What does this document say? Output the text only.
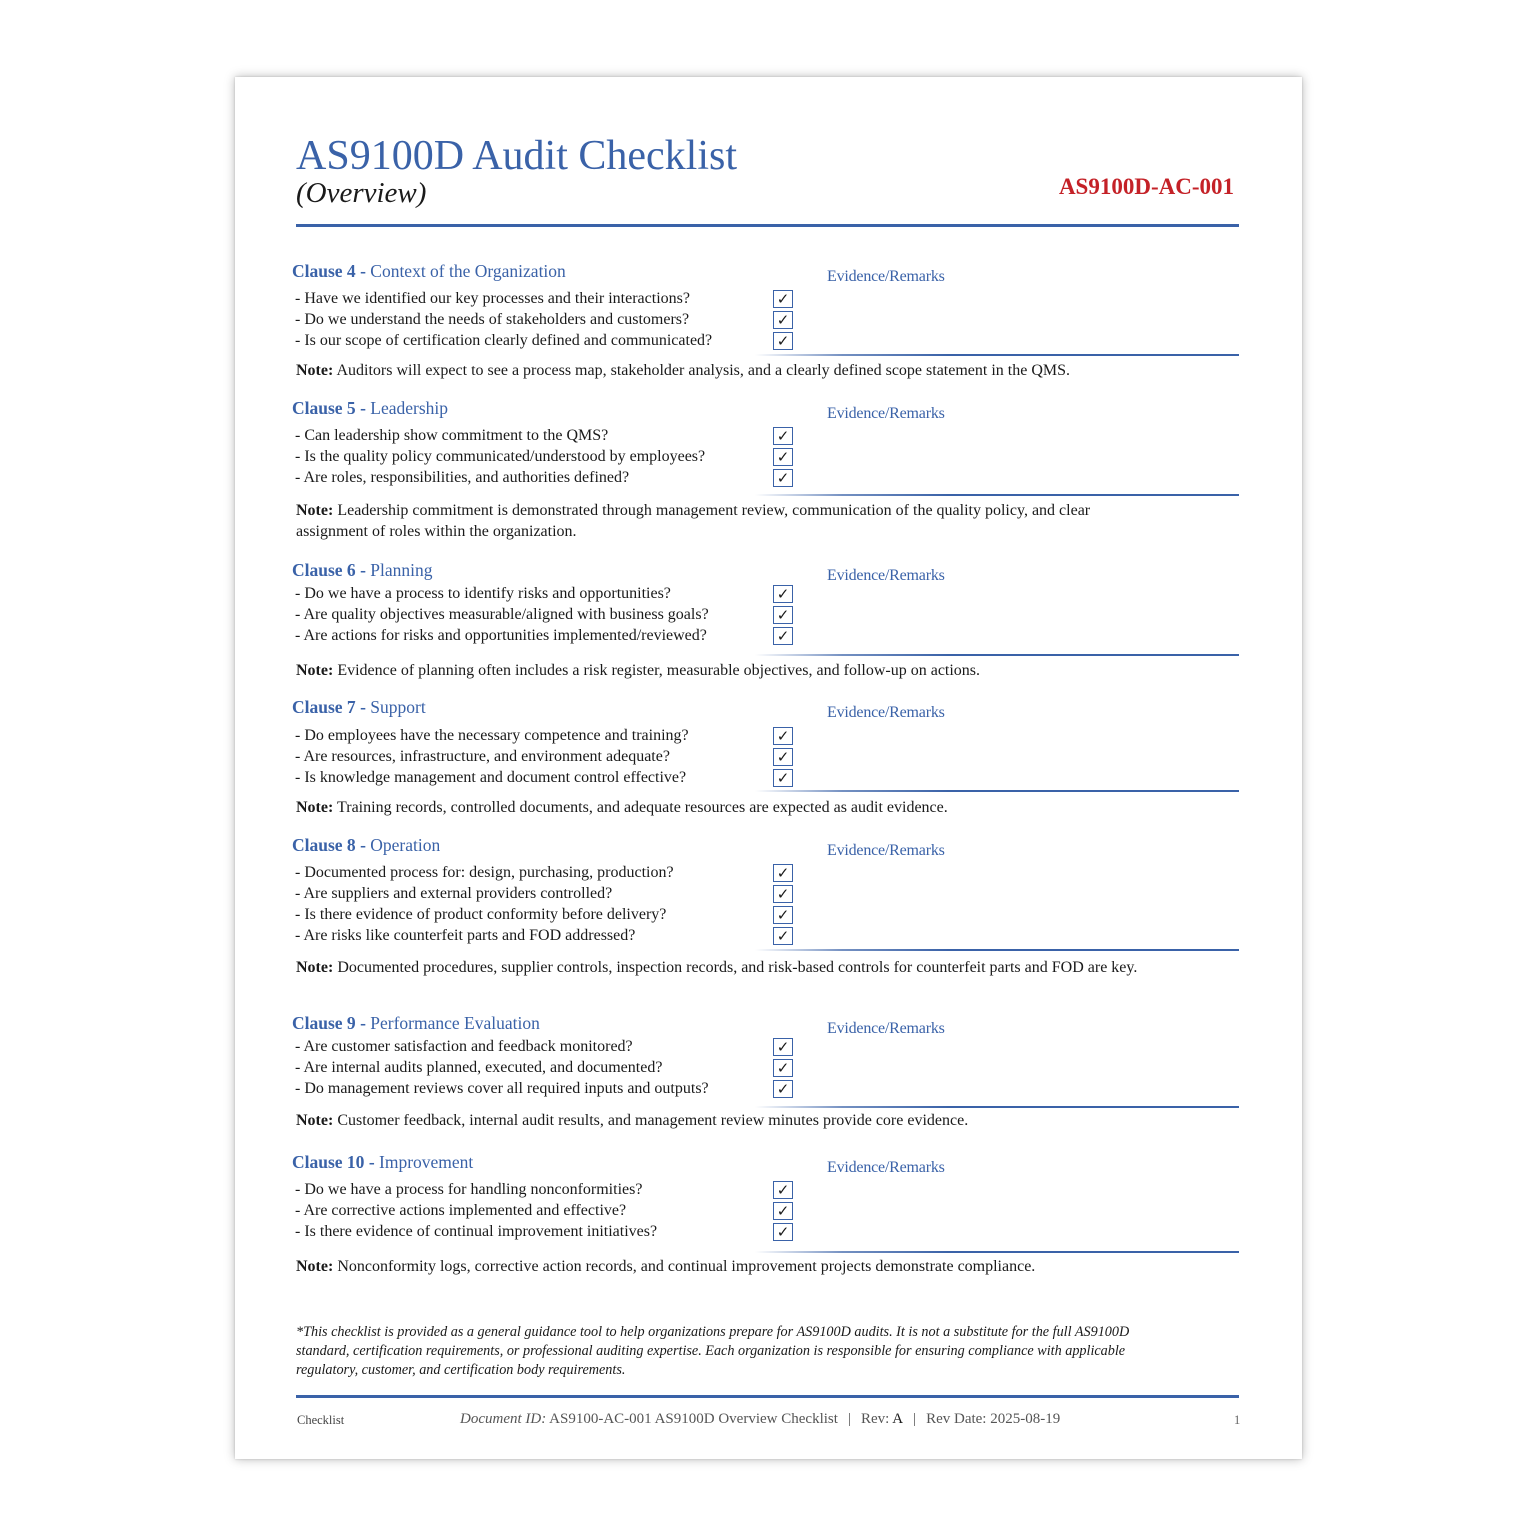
AS9100D Audit Checklist
(Overview)	AS9100D-AC-001
Clause 4 - Context of the Organization	Evidence/Remarks
- Have we identified our key processes and their interactions?	✓
- Do we understand the needs of stakeholders and customers?	✓
- Is our scope of certification clearly defined and communicated?	✓
Note: Auditors will expect to see a process map, stakeholder analysis, and a clearly defined scope statement in the QMS.
Clause 5 - Leadership	Evidence/Remarks
- Can leadership show commitment to the QMS?	✓
- Is the quality policy communicated/understood by employees?	✓
- Are roles, responsibilities, and authorities defined?	✓
Note: Leadership commitment is demonstrated through management review, communication of the quality policy, and clear assignment of roles within the organization.
Clause 6 - Planning	Evidence/Remarks
- Do we have a process to identify risks and opportunities?	✓
- Are quality objectives measurable/aligned with business goals?	✓
- Are actions for risks and opportunities implemented/reviewed?	✓
Note: Evidence of planning often includes a risk register, measurable objectives, and follow-up on actions.
Clause 7 - Support	Evidence/Remarks
- Do employees have the necessary competence and training?	✓
- Are resources, infrastructure, and environment adequate?	✓
- Is knowledge management and document control effective?	✓
Note: Training records, controlled documents, and adequate resources are expected as audit evidence.
Clause 8 - Operation	Evidence/Remarks
- Documented process for: design, purchasing, production?	✓
- Are suppliers and external providers controlled?	✓
- Is there evidence of product conformity before delivery?	✓
- Are risks like counterfeit parts and FOD addressed?	✓
Note: Documented procedures, supplier controls, inspection records, and risk-based controls for counterfeit parts and FOD are key.
Clause 9 - Performance Evaluation	Evidence/Remarks
- Are customer satisfaction and feedback monitored?	✓
- Are internal audits planned, executed, and documented?	✓
- Do management reviews cover all required inputs and outputs?	✓
Note: Customer feedback, internal audit results, and management review minutes provide core evidence.
Clause 10 - Improvement	Evidence/Remarks
- Do we have a process for handling nonconformities?	✓
- Are corrective actions implemented and effective?	✓
- Is there evidence of continual improvement initiatives?	✓
Note: Nonconformity logs, corrective action records, and continual improvement projects demonstrate compliance.
*This checklist is provided as a general guidance tool to help organizations prepare for AS9100D audits. It is not a substitute for the full AS9100D standard, certification requirements, or professional auditing expertise. Each organization is responsible for ensuring compliance with applicable regulatory, customer, and certification body requirements.
Checklist	Document ID: AS9100-AC-001 AS9100D Overview Checklist | Rev: A | Rev Date: 2025-08-19	1
